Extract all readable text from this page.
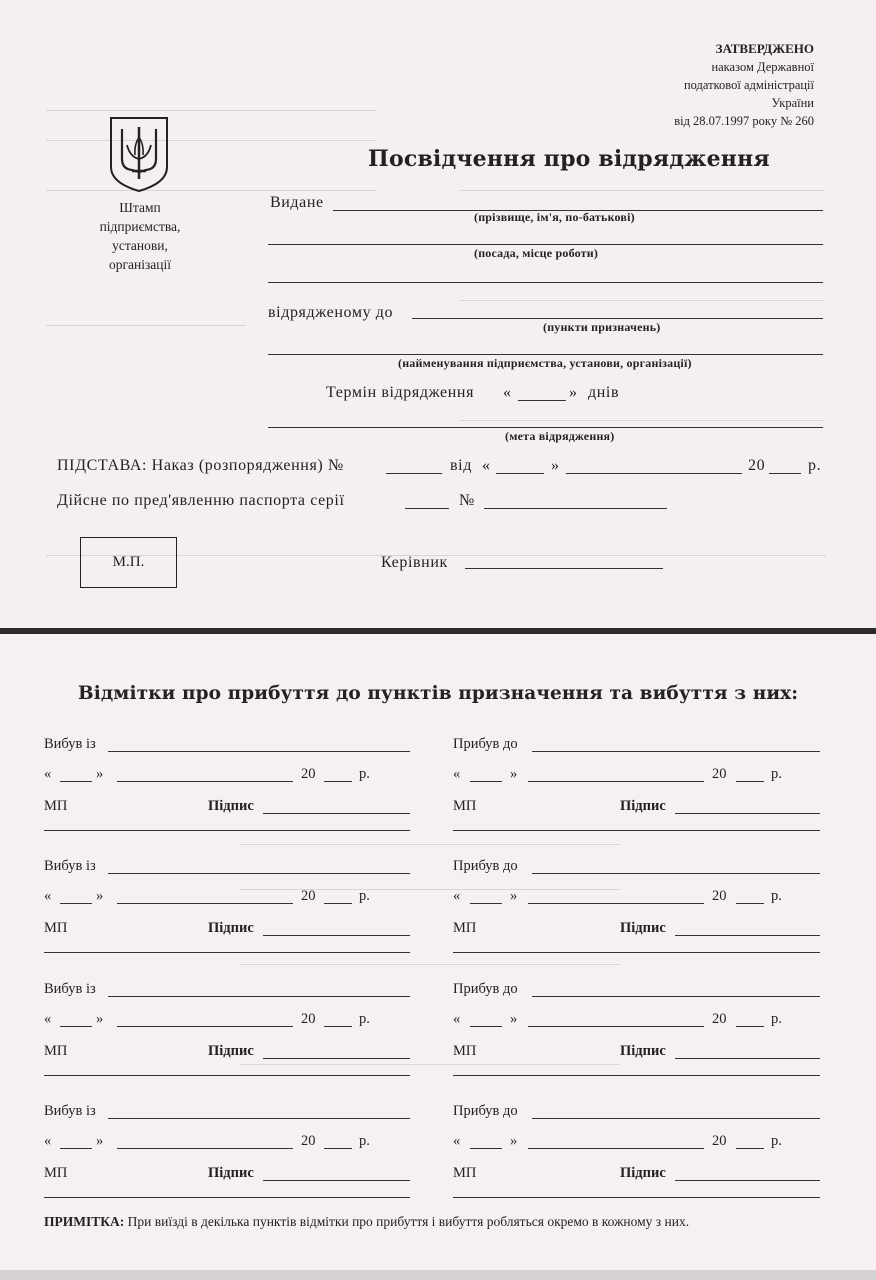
ЗАТВЕРДЖЕНО
наказом Державної
податкової адміністрації
України
від 28.07.1997 року № 260
Штамп
підприємства,
установи,
організації
Посвідчення про відрядження
Видане
(прізвище, ім'я, по-батькові)
(посада, місце роботи)
відрядженому до
(пункти призначень)
(найменування підприємства, установи, організації)
Термін відрядження «	» днів
(мета відрядження)
ПІДСТАВА: Наказ (розпорядження) №	від «	»	20	р.
Дійсне по пред'явленню паспорта серії	№
М.П.	Керівник
Відмітки про прибуття до пунктів призначення та вибуття з них:
Вибув із
«	»	20	р.
МП	Підпис
Прибув до
«	»	20	р.
МП	Підпис
Вибув із
«	»	20	р.
МП	Підпис
Прибув до
«	»	20	р.
МП	Підпис
Вибув із
«	»	20	р.
МП	Підпис
Прибув до
«	»	20	р.
МП	Підпис
Вибув із
«	»	20	р.
МП	Підпис
Прибув до
«	»	20	р.
МП	Підпис
ПРИМІТКА: При виїзді в декілька пунктів відмітки про прибуття і вибуття робляться окремо в кожному з них.
